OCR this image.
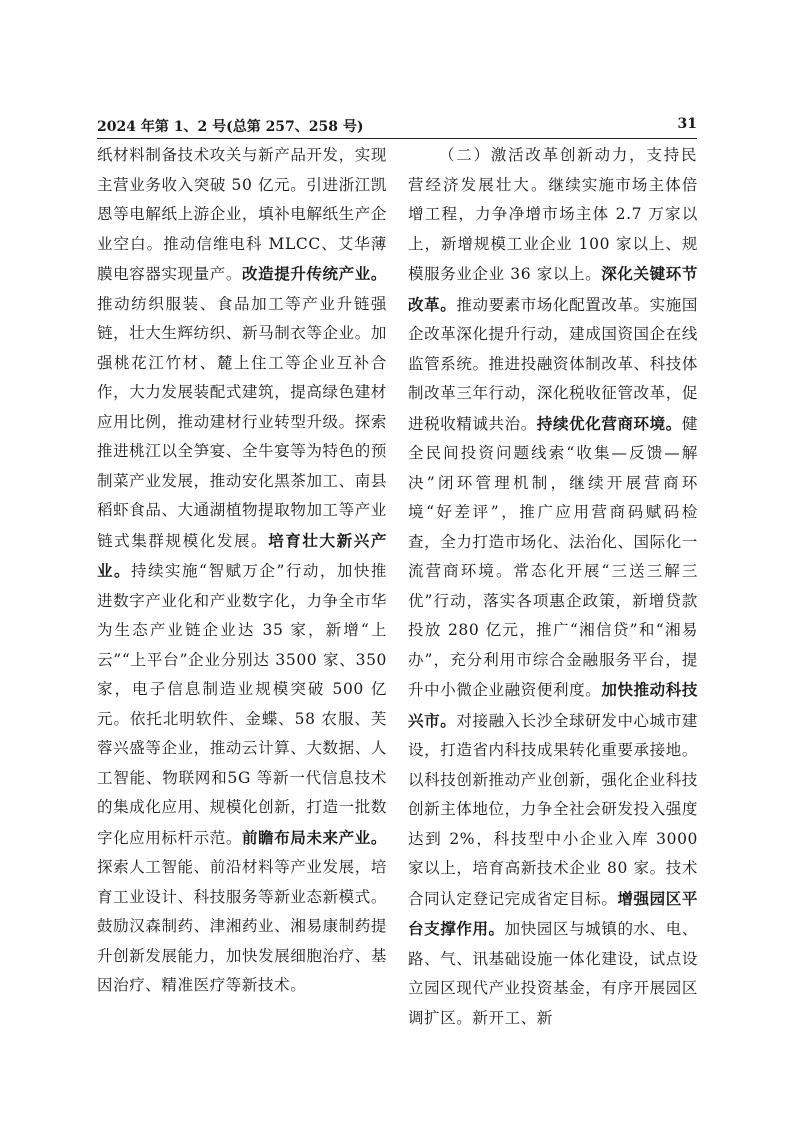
2024 年第 1、2 号(总第 257、258 号)	31

纸材料制备技术攻关与新产品开发，实现主营业务收入突破 50 亿元。引进浙江凯恩等电解纸上游企业，填补电解纸生产企业空白。推动信维电科 MLCC、艾华薄膜电容器实现量产。改造提升传统产业。推动纺织服装、食品加工等产业升链强链，壮大生辉纺织、新马制衣等企业。加强桃花江竹材、麓上住工等企业互补合作，大力发展装配式建筑，提高绿色建材应用比例，推动建材行业转型升级。探索推进桃江以全笋宴、全牛宴等为特色的预制菜产业发展，推动安化黑茶加工、南县稻虾食品、大通湖植物提取物加工等产业链式集群规模化发展。培育壮大新兴产业。持续实施“智赋万企”行动，加快推进数字产业化和产业数字化，力争全市华为生态产业链企业达 35 家，新增“上云”“上平台”企业分别达 3500 家、350 家，电子信息制造业规模突破 500 亿元。依托北明软件、金蝶、58 农服、芙蓉兴盛等企业，推动云计算、大数据、人工智能、物联网和5G 等新一代信息技术的集成化应用、规模化创新，打造一批数字化应用标杆示范。前瞻布局未来产业。探索人工智能、前沿材料等产业发展，培育工业设计、科技服务等新业态新模式。鼓励汉森制药、津湘药业、湘易康制药提升创新发展能力，加快发展细胞治疗、基因治疗、精准医疗等新技术。

（二）激活改革创新动力，支持民营经济发展壮大。继续实施市场主体倍增工程，力争净增市场主体 2.7 万家以上，新增规模工业企业 100 家以上、规模服务业企业 36 家以上。深化关键环节改革。推动要素市场化配置改革。实施国企改革深化提升行动，建成国资国企在线监管系统。推进投融资体制改革、科技体制改革三年行动，深化税收征管改革，促进税收精诚共治。持续优化营商环境。健全民间投资问题线索“收集—反馈—解决”闭环管理机制，继续开展营商环境“好差评”，推广应用营商码赋码检查，全力打造市场化、法治化、国际化一流营商环境。常态化开展“三送三解三优”行动，落实各项惠企政策，新增贷款投放 280 亿元，推广“湘信贷”和“湘易办”，充分利用市综合金融服务平台，提升中小微企业融资便利度。加快推动科技兴市。对接融入长沙全球研发中心城市建设，打造省内科技成果转化重要承接地。以科技创新推动产业创新，强化企业科技创新主体地位，力争全社会研发投入强度达到 2%，科技型中小企业入库 3000 家以上，培育高新技术企业 80 家。技术合同认定登记完成省定目标。增强园区平台支撑作用。加快园区与城镇的水、电、路、气、讯基础设施一体化建设，试点设立园区现代产业投资基金，有序开展园区调扩区。新开工、新
